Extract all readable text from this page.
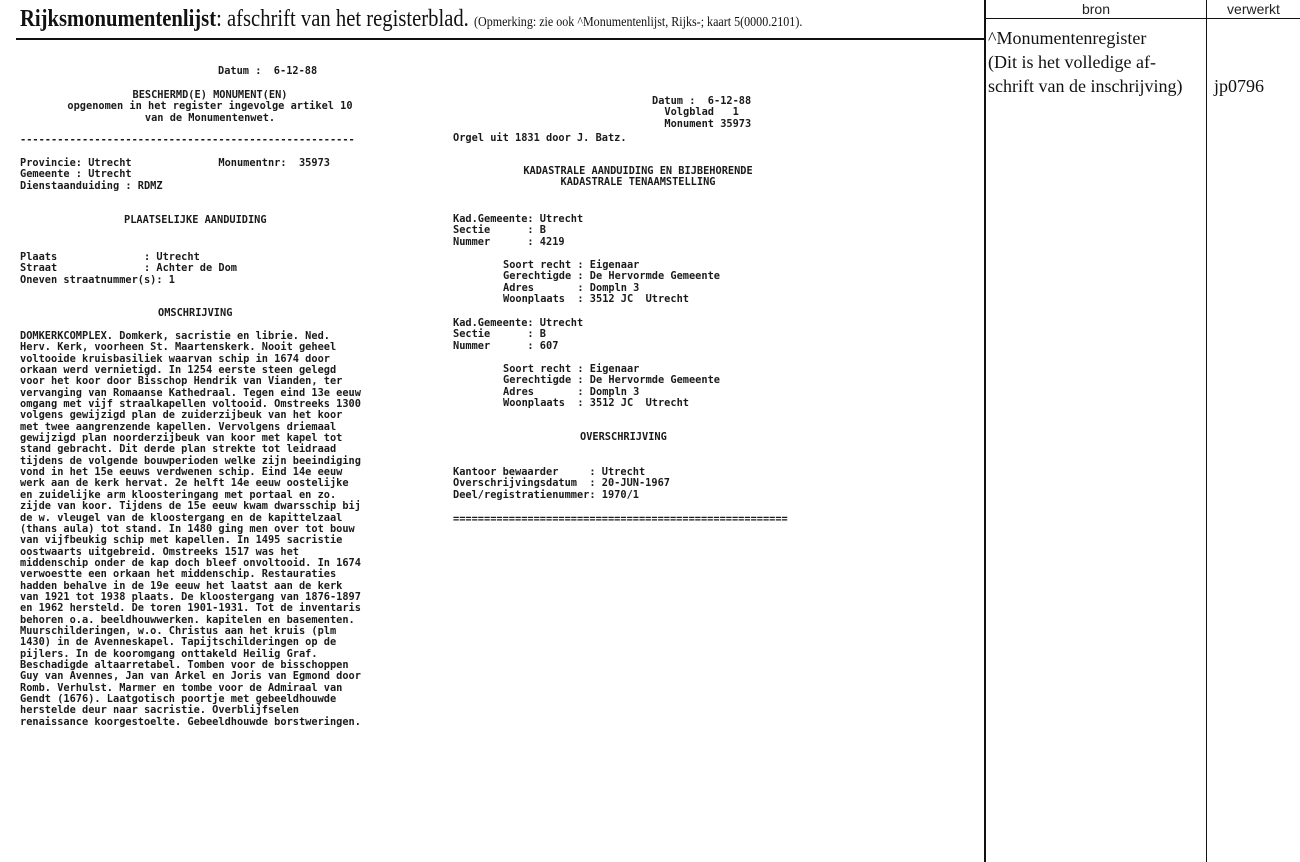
Rijksmonumentenlijst: afschrift van het registerblad. (Opmerking: zie ook ^Monumentenlijst, Rijks-; kaart 5(0000.2101).
bron	verwerkt
^Monumentenregister
(Dit is het volledige af-
schrift van de inschrijving) jp0796
Datum :  6-12-88
BESCHERMD(E) MONUMENT(EN)
opgenomen in het register ingevolge artikel 10
van de Monumentenwet.
------------------------------------------------------
Provincie: Utrecht              Monumentnr:  35973
Gemeente : Utrecht
Dienstaanduiding : RDMZ
PLAATSELIJKE AANDUIDING
Plaats              : Utrecht
Straat              : Achter de Dom
Oneven straatnummer(s): 1
OMSCHRIJVING
DOMKERKCOMPLEX. Domkerk, sacristie en librie. Ned.
Herv. Kerk, voorheen St. Maartenskerk. Nooit geheel
voltooide kruisbasiliek waarvan schip in 1674 door
orkaan werd vernietigd. In 1254 eerste steen gelegd
voor het koor door Bisschop Hendrik van Vianden, ter
vervanging van Romaanse Kathedraal. Tegen eind 13e eeuw
omgang met vijf straalkapellen voltooid. Omstreeks 1300
volgens gewijzigd plan de zuiderzijbeuk van het koor
met twee aangrenzende kapellen. Vervolgens driemaal
gewijzigd plan noorderzijbeuk van koor met kapel tot
stand gebracht. Dit derde plan strekte tot leidraad
tijdens de volgende bouwperioden welke zijn beeindiging
vond in het 15e eeuws verdwenen schip. Eind 14e eeuw
werk aan de kerk hervat. 2e helft 14e eeuw oostelijke
en zuidelijke arm kloosteringang met portaal en zo.
zijde van koor. Tijdens de 15e eeuw kwam dwarsschip bij
de w. vleugel van de kloostergang en de kapittelzaal
(thans aula) tot stand. In 1480 ging men over tot bouw
van vijfbeukig schip met kapellen. In 1495 sacristie
oostwaarts uitgebreid. Omstreeks 1517 was het
middenschip onder de kap doch bleef onvoltooid. In 1674
verwoestte een orkaan het middenschip. Restauraties
hadden behalve in de 19e eeuw het laatst aan de kerk
van 1921 tot 1938 plaats. De kloostergang van 1876-1897
en 1962 hersteld. De toren 1901-1931. Tot de inventaris
behoren o.a. beeldhouwwerken. kapitelen en basementen.
Muurschilderingen, w.o. Christus aan het kruis (plm
1430) in de Avenneskapel. Tapijtschilderingen op de
pijlers. In de kooromgang onttakeld Heilig Graf.
Beschadigde altaarretabel. Tomben voor de bisschoppen
Guy van Avennes, Jan van Arkel en Joris van Egmond door
Romb. Verhulst. Marmer en tombe voor de Admiraal van
Gendt (1676). Laatgotisch poortje met gebeeldhouwde
herstelde deur naar sacristie. Overblijfselen
renaissance koorgestoelte. Gebeeldhouwde borstweringen.
Datum :  6-12-88
Volgblad   1
Monument 35973
Orgel uit 1831 door J. Batz.
KADASTRALE AANDUIDING EN BIJBEHORENDE
KADASTRALE TENAAMSTELLING
Kad.Gemeente: Utrecht
Sectie      : B
Nummer      : 4219
Soort recht : Eigenaar
Gerechtigde : De Hervormde Gemeente
Adres       : Dompln 3
Woonplaats  : 3512 JC  Utrecht
Kad.Gemeente: Utrecht
Sectie      : B
Nummer      : 607
Soort recht : Eigenaar
Gerechtigde : De Hervormde Gemeente
Adres       : Dompln 3
Woonplaats  : 3512 JC  Utrecht
OVERSCHRIJVING
Kantoor bewaarder     : Utrecht
Overschrijvingsdatum  : 20-JUN-1967
Deel/registratienummer: 1970/1
======================================================
